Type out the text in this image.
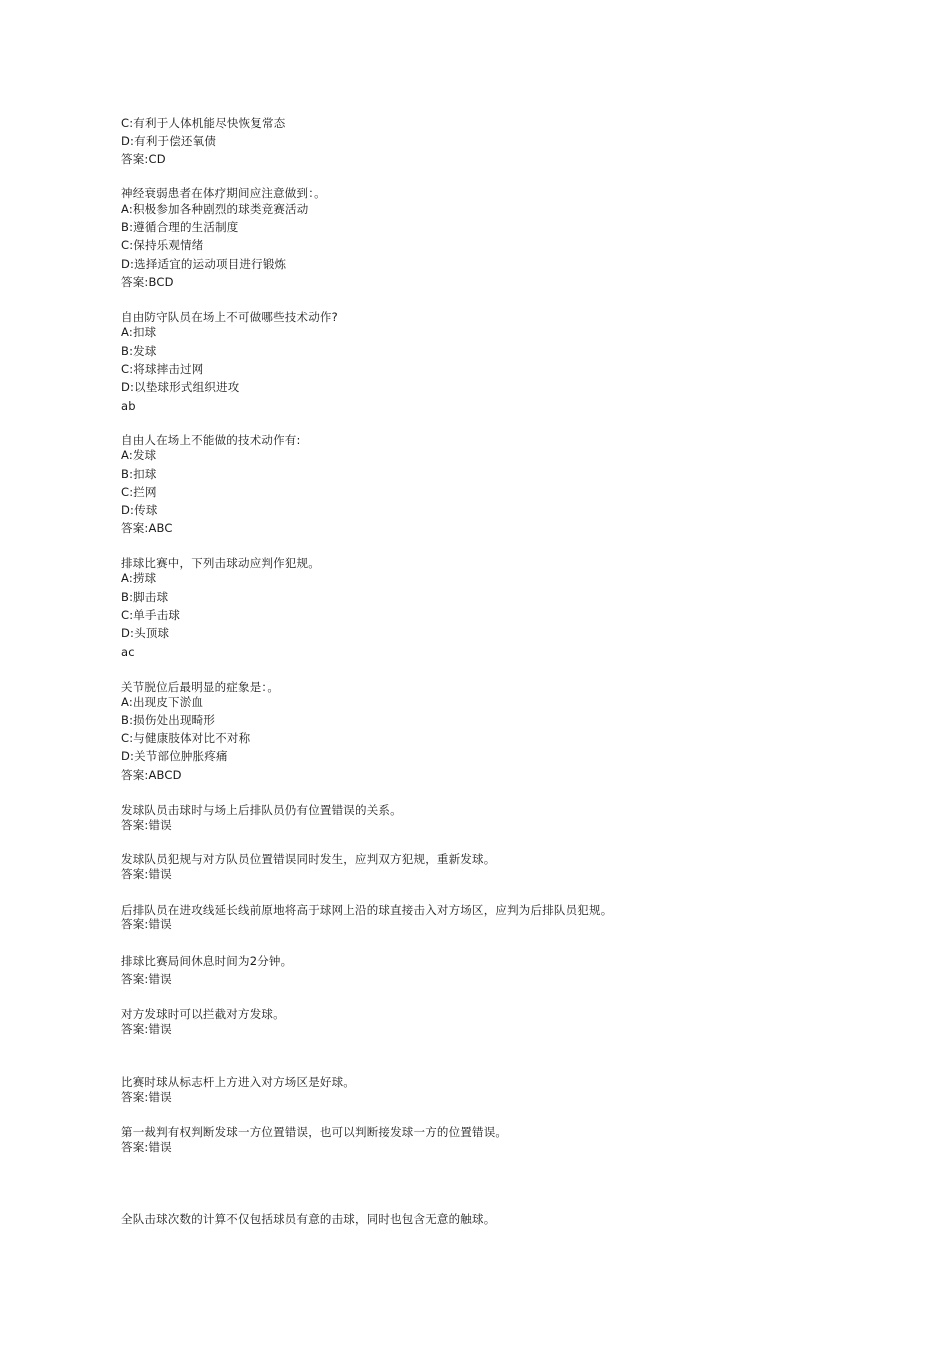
C:有利于人体机能尽快恢复常态
D:有利于偿还氧债
答案:CD
神经衰弱患者在体疗期间应注意做到：。
A:积极参加各种剧烈的球类竞赛活动
B:遵循合理的生活制度
C:保持乐观情绪
D:选择适宜的运动项目进行锻炼
答案:BCD
自由防守队员在场上不可做哪些技术动作?
A:扣球
B:发球
C:将球摔击过网
D:以垫球形式组织进攻
ab
自由人在场上不能做的技术动作有:
A:发球
B:扣球
C:拦网
D:传球
答案:ABC
排球比赛中，下列击球动应判作犯规。
A:捞球
B:脚击球
C:单手击球
D:头顶球
ac
关节脱位后最明显的症象是：。
A:出现皮下淤血
B:损伤处出现畸形
C:与健康肢体对比不对称
D:关节部位肿胀疼痛
答案:ABCD
发球队员击球时与场上后排队员仍有位置错误的关系。
答案:错误
发球队员犯规与对方队员位置错误同时发生，应判双方犯规，重新发球。
答案:错误
后排队员在进攻线延长线前原地将高于球网上沿的球直接击入对方场区，应判为后排队员犯规。
答案:错误
排球比赛局间休息时间为2分钟。
答案:错误
对方发球时可以拦截对方发球。
答案:错误
比赛时球从标志杆上方进入对方场区是好球。
答案:错误
第一裁判有权判断发球一方位置错误，也可以判断接发球一方的位置错误。
答案:错误
全队击球次数的计算不仅包括球员有意的击球，同时也包含无意的触球。
